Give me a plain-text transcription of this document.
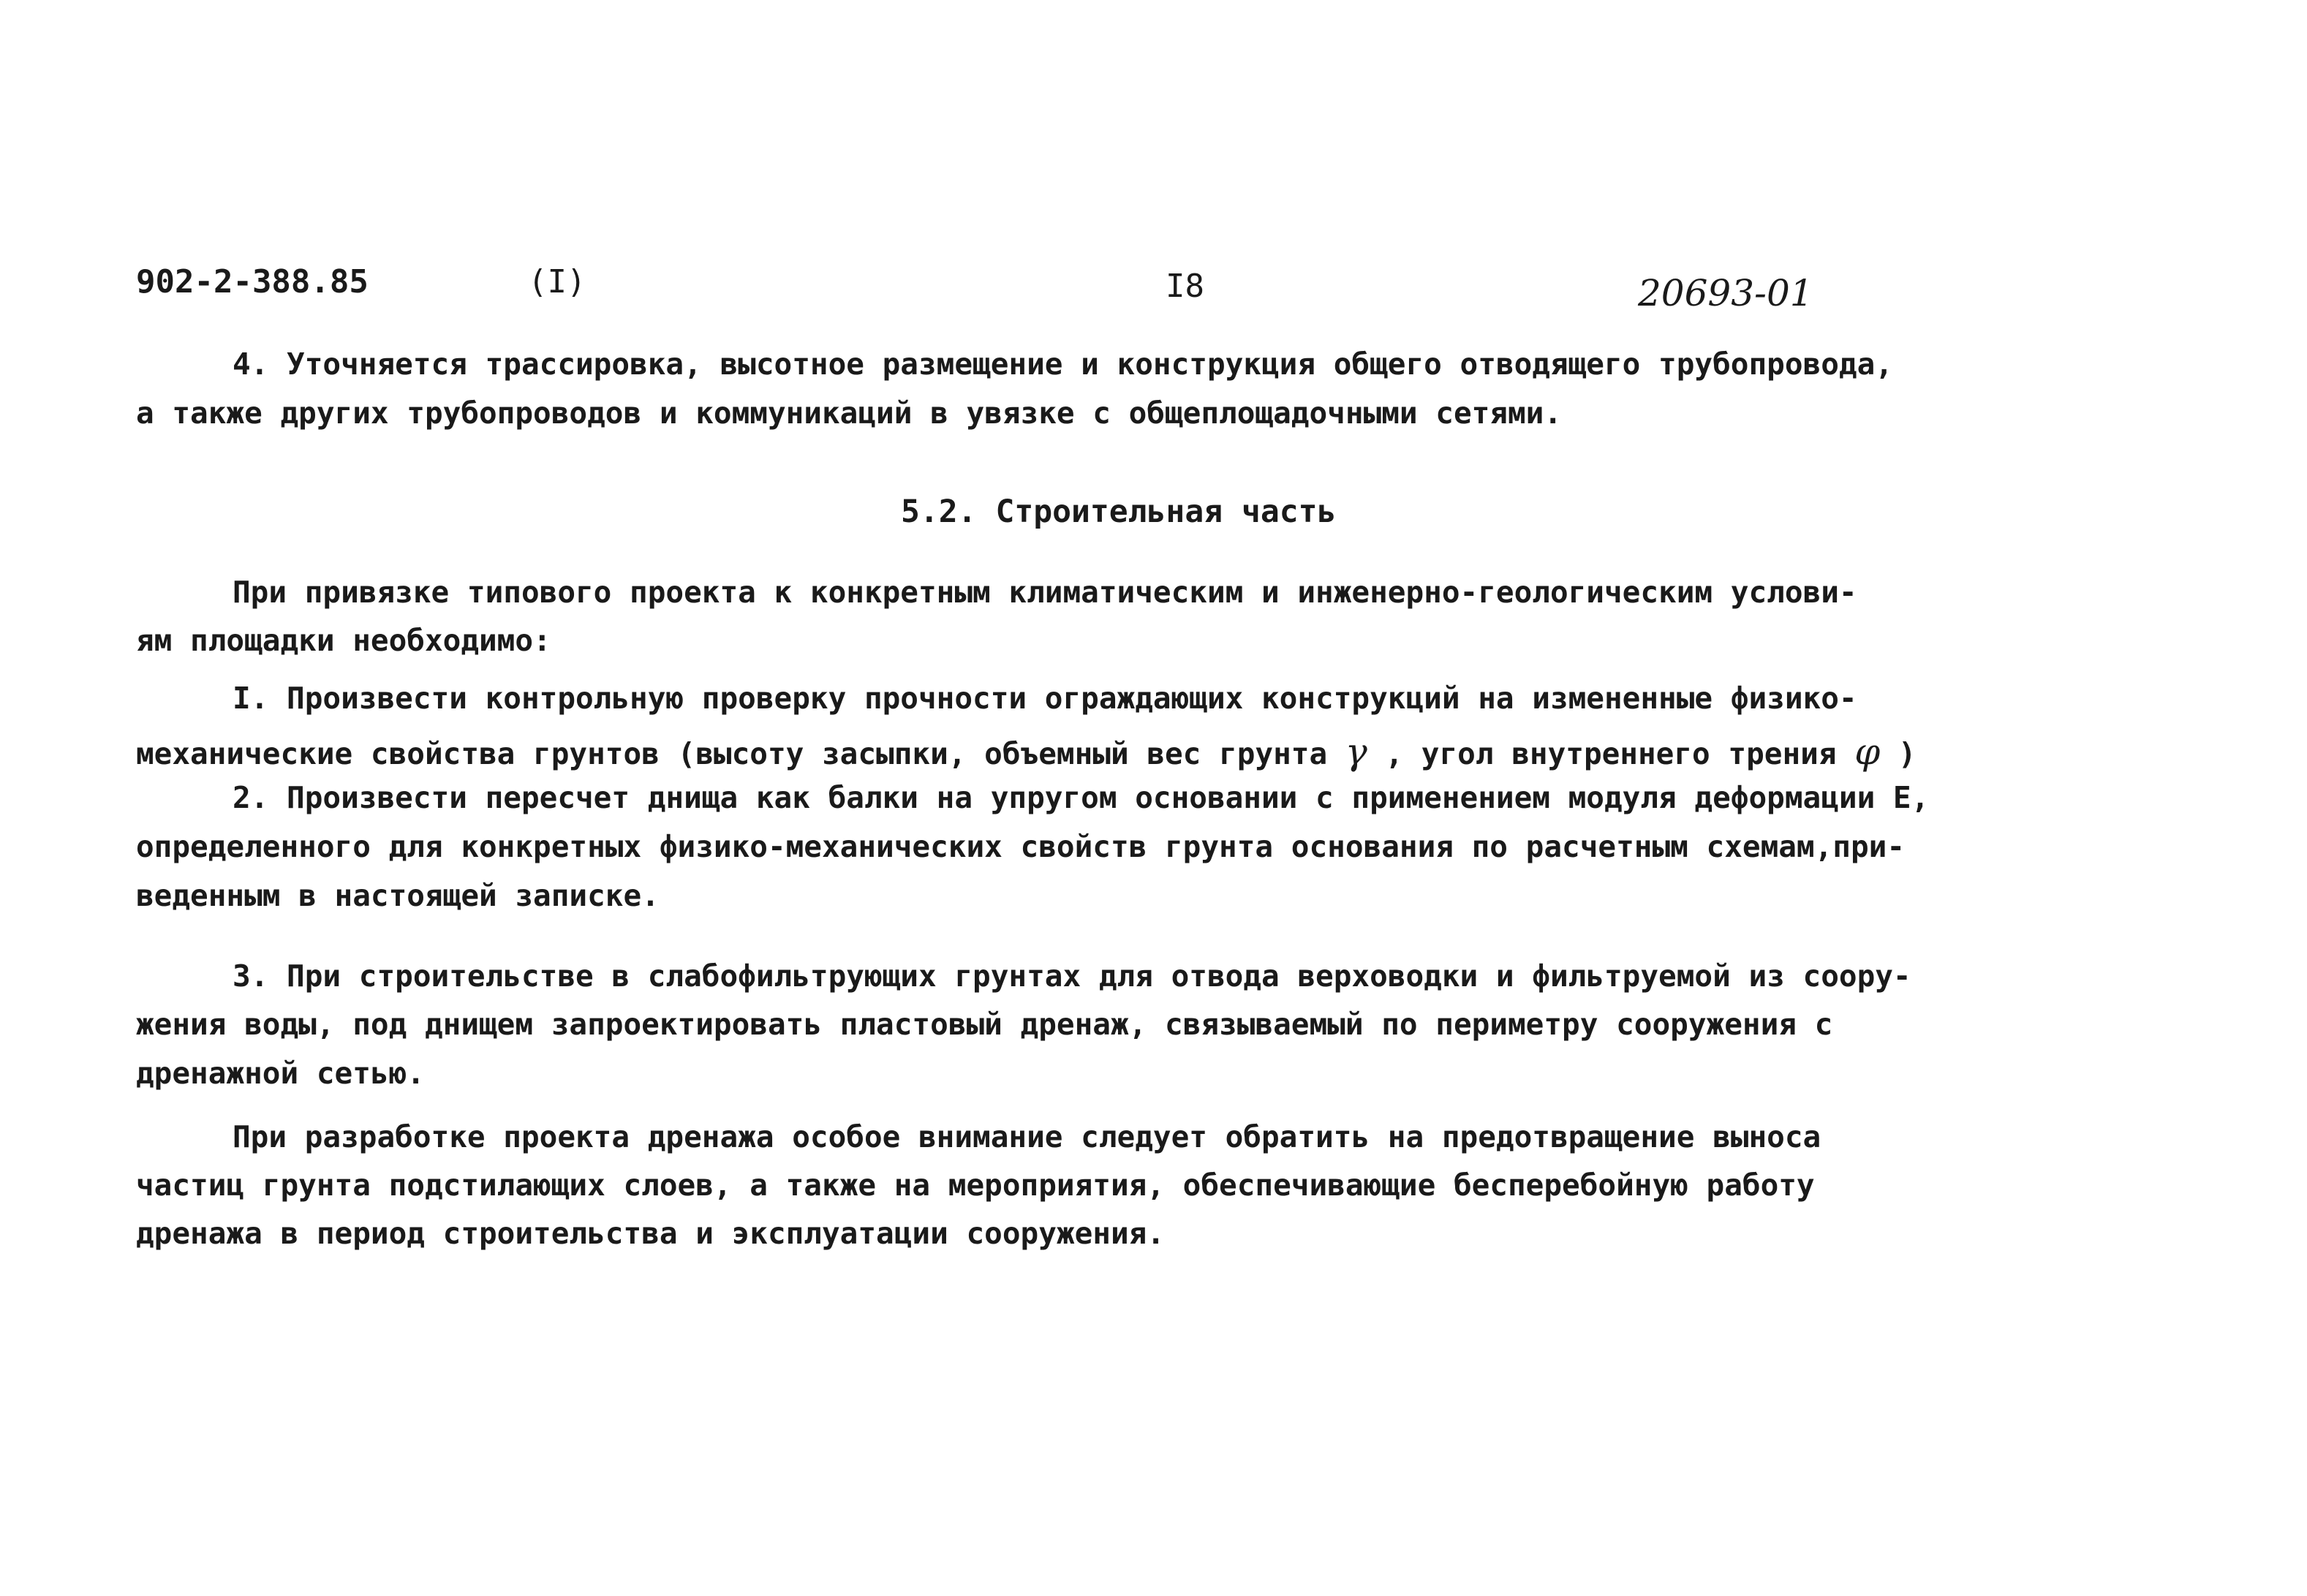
902-2-388.85	(I)	I8	20693-01
4. Уточняется трассировка, высотное размещение и конструкция общего отводящего трубопровода,
а также других трубопроводов и коммуникаций в увязке с общеплощадочными сетями.
5.2. Строительная часть
При привязке типового проекта к конкретным климатическим и инженерно-геологическим услови-
ям площадки необходимо:
I. Произвести контрольную проверку прочности ограждающих конструкций на измененные физико-
механические свойства грунтов (высоту засыпки, объемный вес грунта γ , угол внутреннего трения φ )
2. Произвести пересчет днища как балки на упругом основании с применением модуля деформации E,
определенного для конкретных физико-механических свойств грунта основания по расчетным схемам,при-
веденным в настоящей записке.
3. При строительстве в слабофильтрующих грунтах для отвода верховодки и фильтруемой из соору-
жения воды, под днищем запроектировать пластовый дренаж, связываемый по периметру сооружения с
дренажной сетью.
При разработке проекта дренажа особое внимание следует обратить на предотвращение выноса
частиц грунта подстилающих слоев, а также на мероприятия, обеспечивающие бесперебойную работу
дренажа в период строительства и эксплуатации сооружения.
